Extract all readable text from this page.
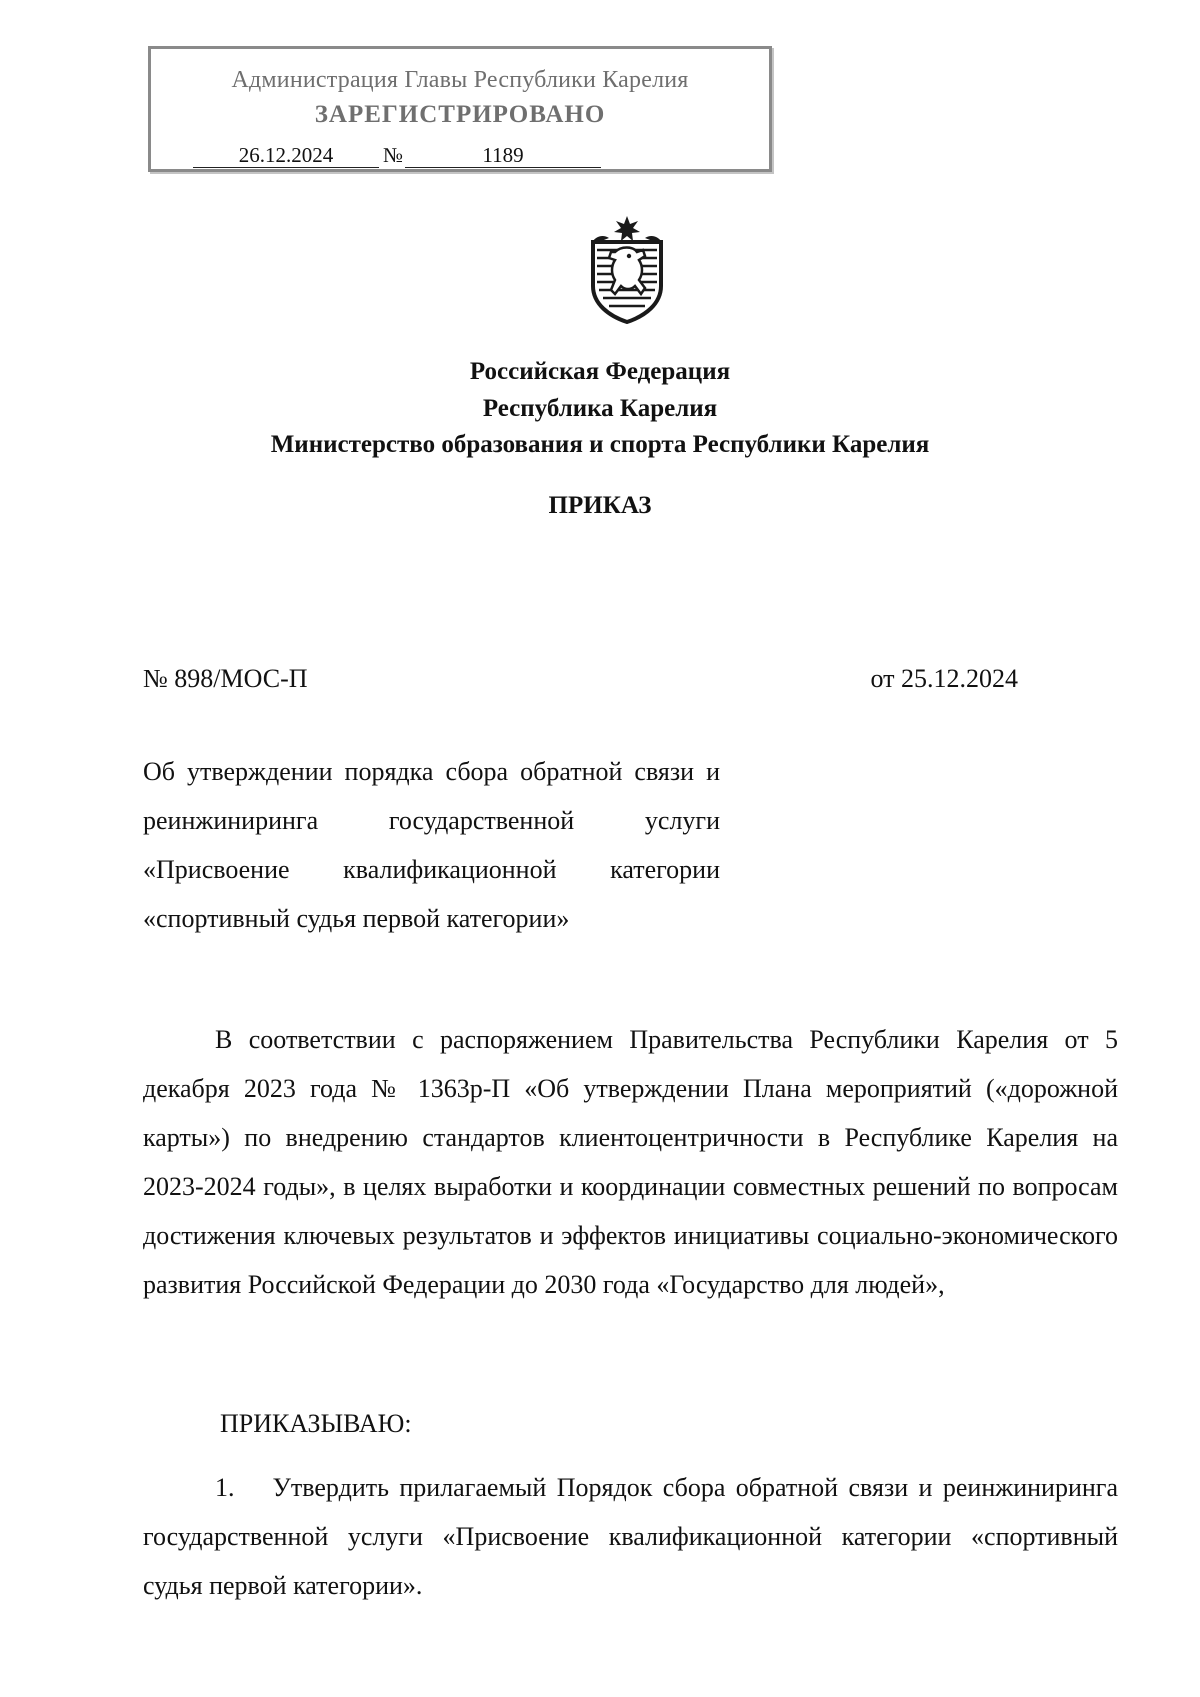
Администрация Главы Республики Карелия
ЗАРЕГИСТРИРОВАНО
26.12.2024	№	1189
Российская Федерация
Республика Карелия
Министерство образования и спорта Республики Карелия
ПРИКАЗ
№ 898/МОС-П	от 25.12.2024
Об утверждении порядка сбора обратной связи и реинжиниринга государственной услуги «Присвоение квалификационной категории «спортивный судья первой категории»
В соответствии с распоряжением Правительства Республики Карелия от 5 декабря 2023 года № 1363р-П «Об утверждении Плана мероприятий («дорожной карты») по внедрению стандартов клиентоцентричности в Республике Карелия на 2023-2024 годы», в целях выработки и координации совместных решений по вопросам достижения ключевых результатов и эффектов инициативы социально-экономического развития Российской Федерации до 2030 года «Государство для людей»,
ПРИКАЗЫВАЮ:
1. Утвердить прилагаемый Порядок сбора обратной связи и реинжиниринга государственной услуги «Присвоение квалификационной категории «спортивный судья первой категории».
